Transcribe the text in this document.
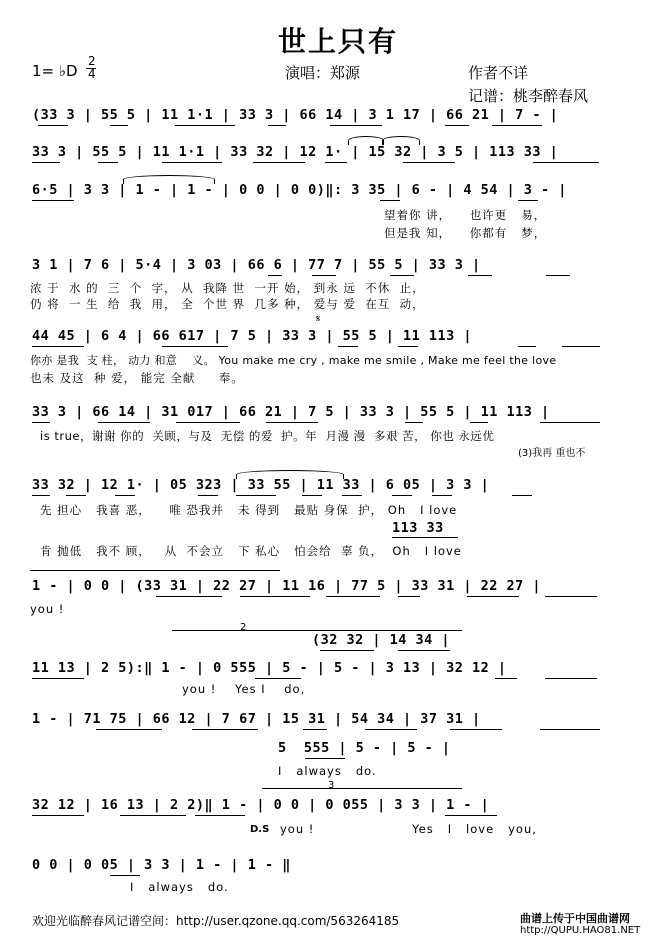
世上只有
1= ♭D
2
4	演唱：郑源	作者不详
记谱：桃李醉春风
(33 3 | 55 5 | 11 1·1 | 33 3 | 66 14 | 3 1 17 | 66 21 | 7 - |
33 3 | 55 5 | 11 1·1 | 33 32 | 12 1· | 15 32 | 3 5 | 113 33 |
6·5 | 3 3 | 1 - | 1 - | 0 0 | 0 0)‖: 3 35 | 6 - | 4 54 | 3 - |
望着你 讲，    也许更   易，
但是我 知，    你都有   梦，
3 1 | 7 6 | 5·4 | 3 03 | 66 6 | 77 7 | 55 5 | 33 3 |
浓 于  水 的  三  个  字， 从  我降 世  一开 始， 到永 远  不休  止，
仍 将  一 生  给  我  用， 全  个世 界  几多 种， 爱与 爱  在互  动，
44 45 | 6 4 | 66 617 | 7 5 | 33 3 | 55 5 | 11 113 |
𝄋
你亦 是我  支 柱， 动力 和意    义。 You make me cry , make me smile , Make me feel the love
也未 及这  种 爱， 能完 全献     奉。
33 3 | 66 14 | 31 017 | 66 21 | 7 5 | 33 3 | 55 5 | 11 113 |
is true，谢谢 你的  关顾，与及  无偿 的爱  护。年  月漫 漫  多艰 苦， 你也 永远优
(3)我再 重也不
33 32 | 12 1· | 05 323 | 33 55 | 11 33 | 6 05 | 3 3 |
先 担心   我喜 恶，    唯 恐我并   未 得到   最贴 身保  护， Oh   I love
113 33
肯 抛低   我不 顾，   从  不会立   下 私心   怕会给  辜 负，  Oh   I love
1 - | 0 0 | (33 31 | 22 27 | 11 16 | 77 5 | 33 31 | 22 27 |
you !
2
(32 32 | 14 34 |
11 13 | 2 5):‖ 1 - | 0 555 | 5 - | 5 - | 3 13 | 32 12 |
you !    Yes I    do,
1 - | 71 75 | 66 12 | 7 67 | 15 31 | 54 34 | 37 31 |
5  555 | 5 - | 5 - |
I   always   do.
3
32 12 | 16 13 | 2 2)‖ 1 - | 0 0 | 0 055 | 3 3 | 1 - |
D.S you !                     Yes   I   love   you,
0 0 | 0 05 | 3 3 | 1 - | 1 - ‖
I   always   do.
欢迎光临醉春风记谱空间：http://user.qzone.qq.com/563264185	曲谱上传于中国曲谱网
http://QUPU.HAO81.NET
